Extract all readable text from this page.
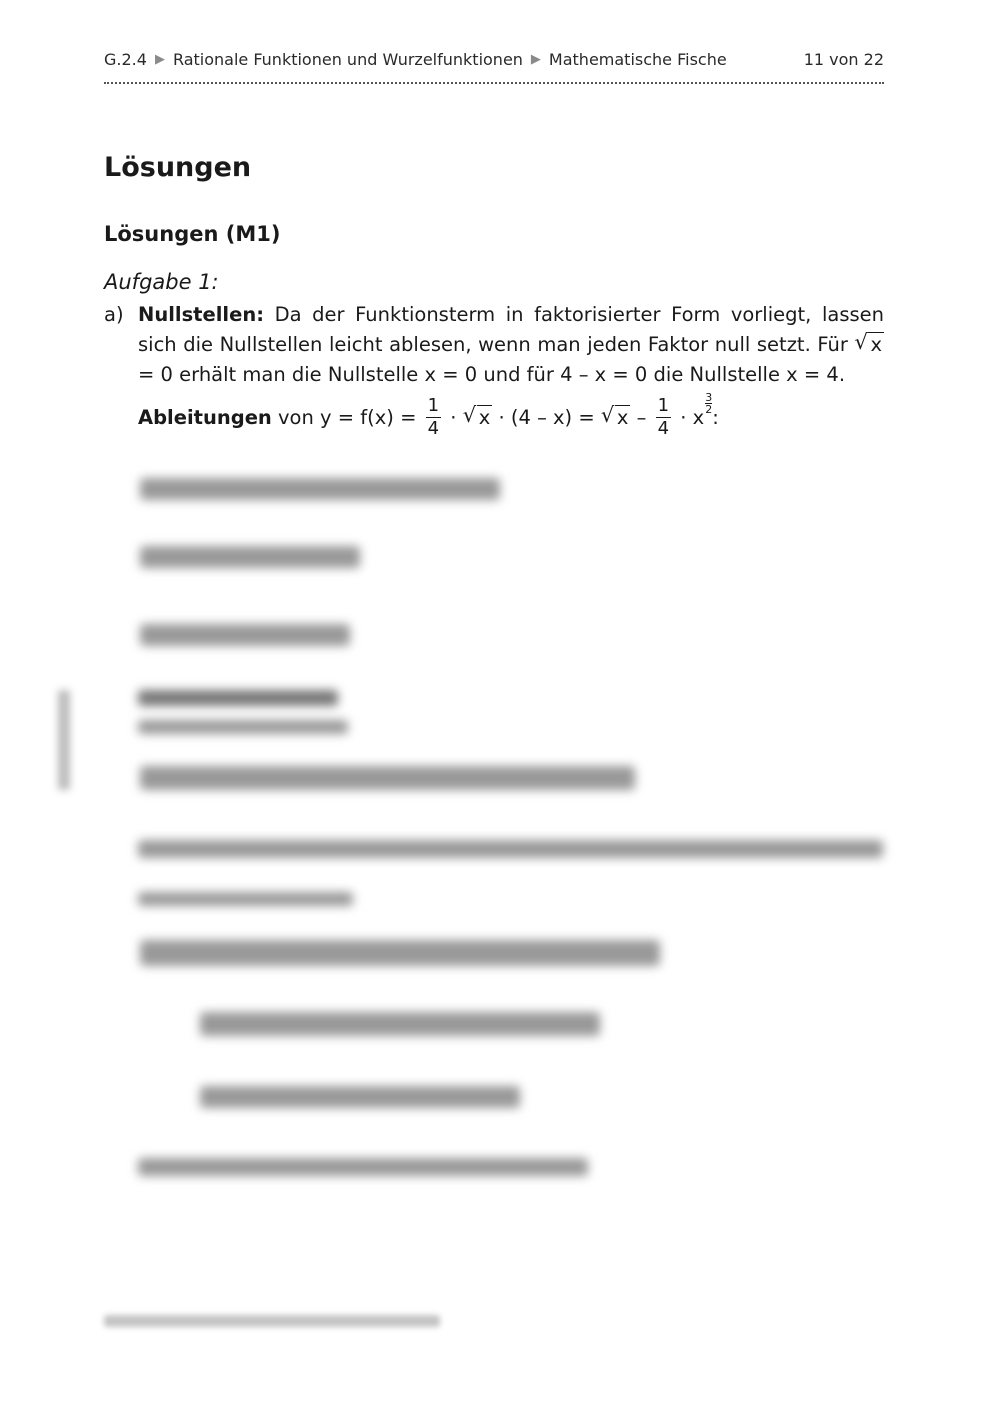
G.2.4 ▶ Rationale Funktionen und Wurzelfunktionen ▶ Mathematische Fische	11 von 22
Lösungen
Lösungen (M1)
Aufgabe 1:
a) Nullstellen: Da der Funktionsterm in faktorisierter Form vorliegt, lassen sich die Nullstellen leicht ablesen, wenn man jeden Faktor null setzt. Für √ x = 0 erhält man die Nullstelle x = 0 und für 4 – x = 0 die Nullstelle x = 4.
Ableitungen von $y = f(x) = \frac{1}{4}$ · √ x · (4 – x) = √ $x - \frac{1}{4} \cdot x$
$\frac{3}{2}$
:
